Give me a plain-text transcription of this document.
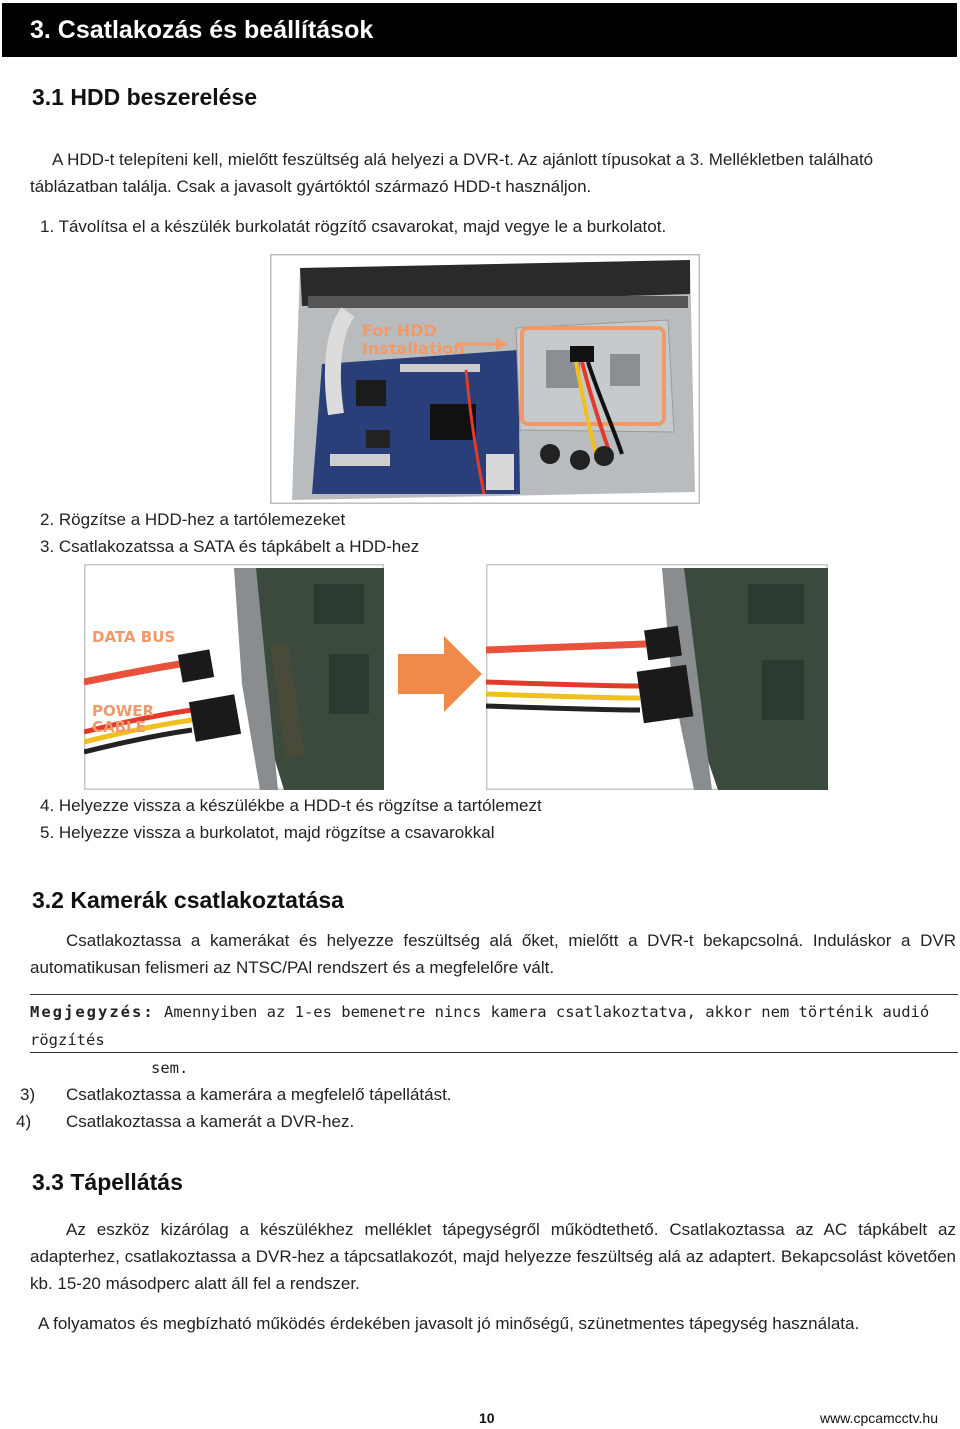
3. Csatlakozás és beállítások
3.1 HDD beszerelése
A HDD-t telepíteni kell, mielőtt feszültség alá helyezi a DVR-t. Az ajánlott típusokat a 3. Mellékletben található
táblázatban találja. Csak a javasolt gyártóktól származó HDD-t használjon.
1. Távolítsa el a készülék burkolatát rögzítő csavarokat, majd vegye le a burkolatot.
For HDD
Installation
2. Rögzítse a HDD-hez a tartólemezeket
3. Csatlakozatssa a SATA és tápkábelt a HDD-hez
DATA BUS
POWER
CABLE
4. Helyezze vissza a készülékbe a HDD-t és rögzítse a tartólemezt
5. Helyezze vissza a burkolatot, majd rögzítse a csavarokkal
3.2 Kamerák csatlakoztatása
Csatlakoztassa a kamerákat és helyezze feszültség alá őket, mielőtt a DVR-t bekapcsolná. Induláskor a DVR automatikusan felismeri az NTSC/PAl rendszert és a megfelelőre vált.
Megjegyzés: Amennyiben az 1-es bemenetre nincs kamera csatlakoztatva, akkor nem történik audió rögzítés
sem.
3) Csatlakoztassa a kamerára a megfelelő tápellátást.
4) Csatlakoztassa a kamerát a DVR-hez.
3.3 Tápellátás
Az eszköz kizárólag a készülékhez melléklet tápegységről működtethető. Csatlakoztassa az AC tápkábelt az adapterhez, csatlakoztassa a DVR-hez a tápcsatlakozót, majd helyezze feszültség alá az adaptert. Bekapcsolást követően kb. 15-20 másodperc alatt áll fel a rendszer.
A folyamatos és megbízható működés érdekében javasolt jó minőségű, szünetmentes tápegység használata.
10	www.cpcamcctv.hu
